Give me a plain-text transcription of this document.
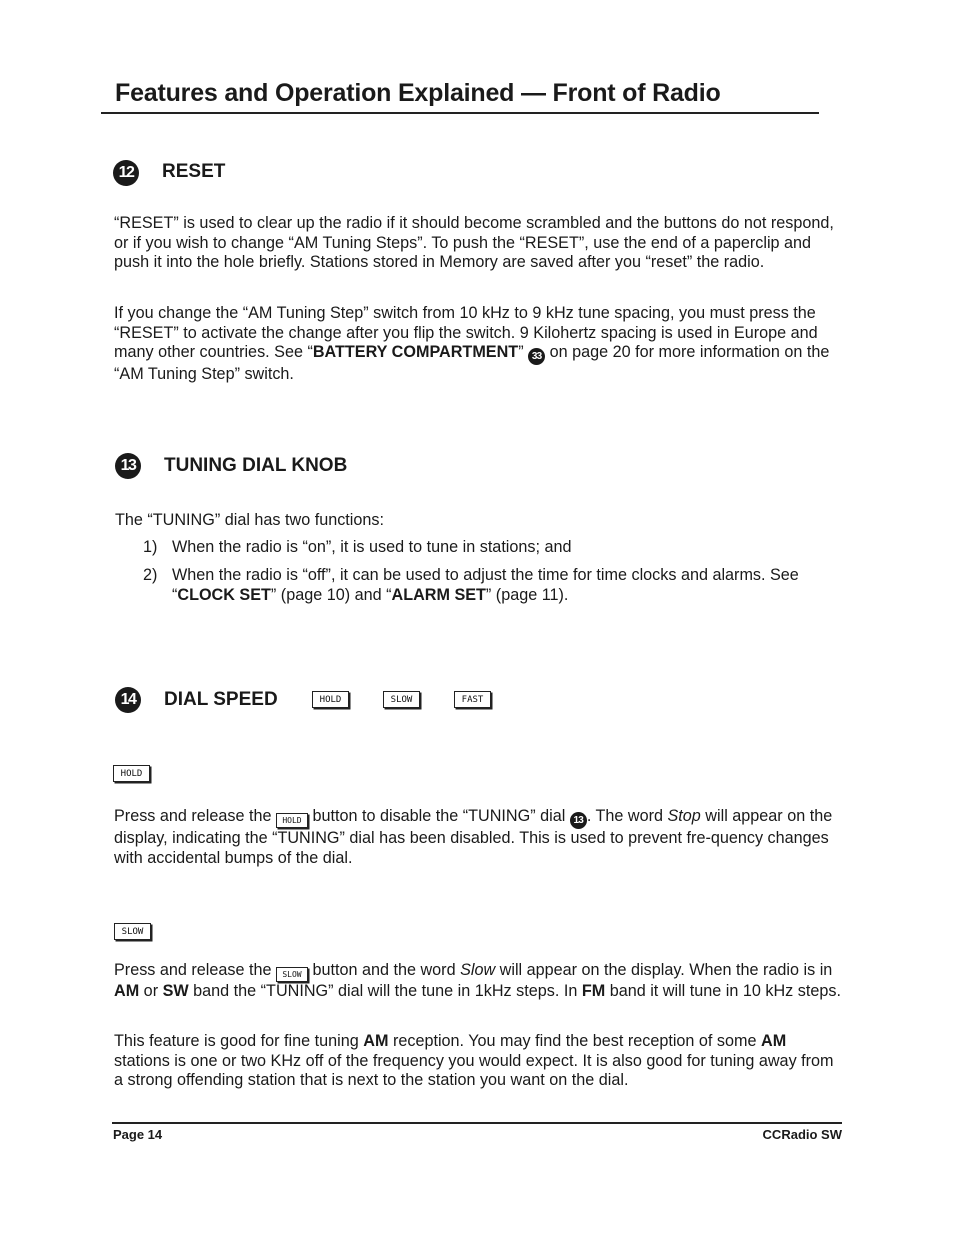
Features and Operation Explained — Front of Radio
12 RESET

“RESET” is used to clear up the radio if it should become scrambled and the buttons do not respond, or if you wish to change “AM Tuning Steps”. To push the “RESET”, use the end of a paperclip and push it into the hole briefly. Stations stored in Memory are saved after you “reset” the radio.

If you change the “AM Tuning Step” switch from 10 kHz to 9 kHz tune spacing, you must press the “RESET” to activate the change after you flip the switch. 9 Kilohertz spacing is used in Europe and many other countries. See “BATTERY COMPARTMENT” 33 on page 20 for more information on the “AM Tuning Step” switch.

13 TUNING DIAL KNOB

The “TUNING” dial has two functions:

1) When the radio is “on”, it is used to tune in stations; and
2) When the radio is “off”, it can be used to adjust the time for time clocks and alarms. See “CLOCK SET” (page 10) and “ALARM SET” (page 11).
14 DIAL SPEED	HOLD	SLOW	FAST
HOLD

Press and release the HOLD button to disable the “TUNING” dial 13 . The word Stop will appear on the display, indicating the “TUNING” dial has been disabled. This is used to prevent fre-quency changes with accidental bumps of the dial.

SLOW

Press and release the SLOW button and the word Slow will appear on the display. When the radio is in AM or SW band the “TUNING” dial will the tune in 1kHz steps. In FM band it will tune in 10 kHz steps.

This feature is good for fine tuning AM reception. You may find the best reception of some AM stations is one or two KHz off of the frequency you would expect. It is also good for tuning away from a strong offending station that is next to the station you want on the dial.

Page 14	CCRadio SW
